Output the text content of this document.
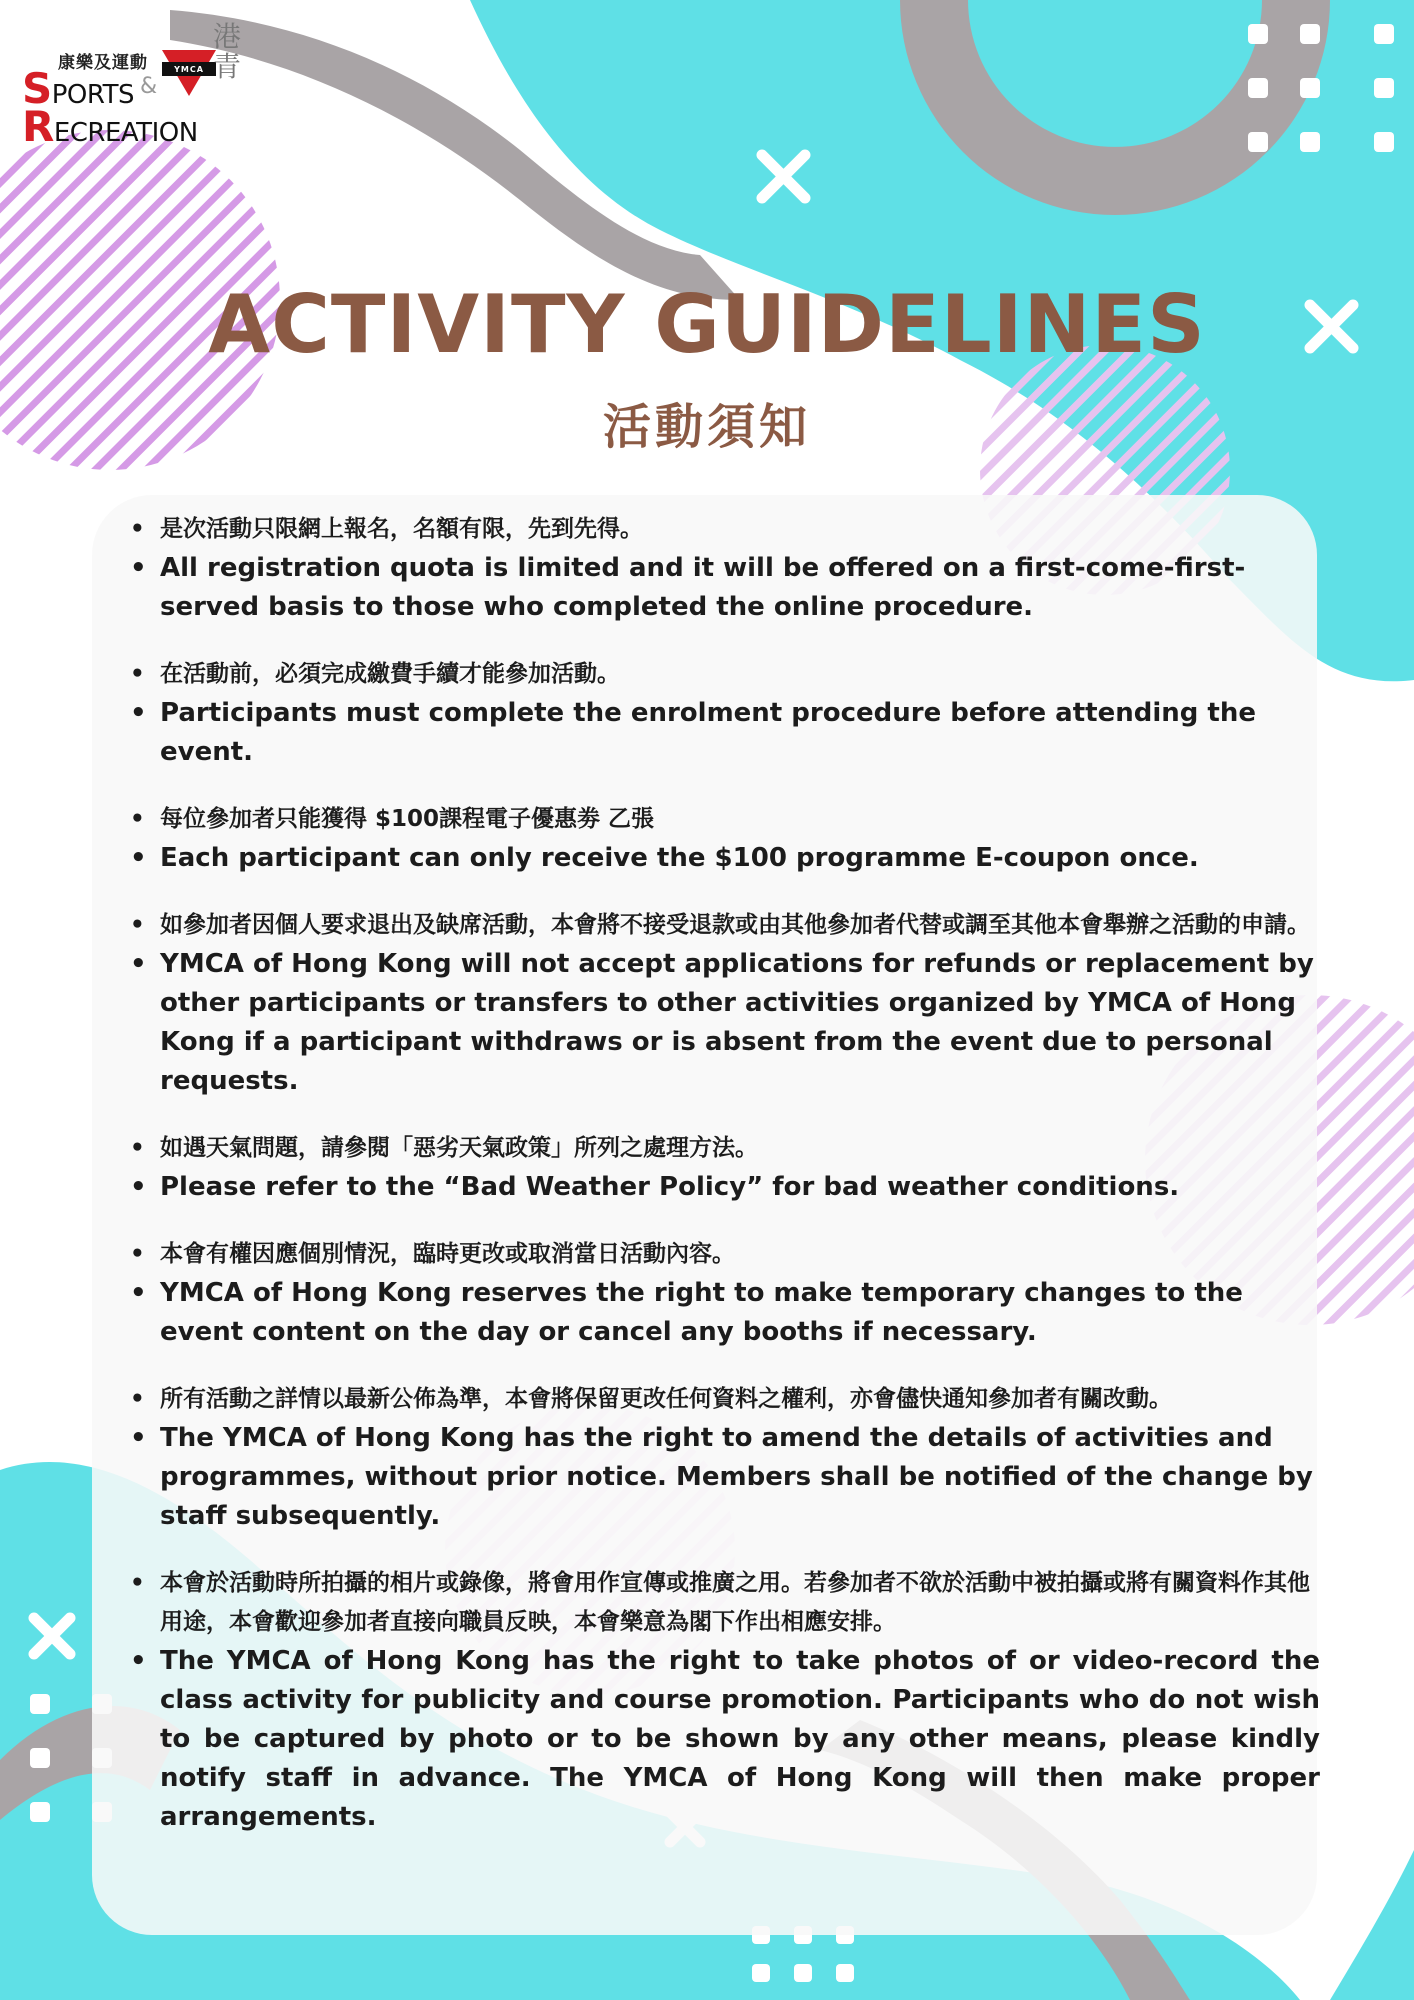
康樂及運動
SPORTS &
RECREATION
YMCA
港青
ACTIVITY GUIDELINES
活動須知
• 是次活動只限網上報名，名額有限，先到先得。
• All registration quota is limited and it will be offered on a first-come-first-served basis to those who completed the online procedure.
• 在活動前，必須完成繳費手續才能參加活動。
• Participants must complete the enrolment procedure before attending the event.
• 每位參加者只能獲得 $100課程電子優惠劵 乙張
• Each participant can only receive the $100 programme E-coupon once.
• 如參加者因個人要求退出及缺席活動，本會將不接受退款或由其他參加者代替或調至其他本會舉辦之活動的申請。
• YMCA of Hong Kong will not accept applications for refunds or replacement by other participants or transfers to other activities organized by YMCA of Hong Kong if a participant withdraws or is absent from the event due to personal requests.
• 如遇天氣問題，請參閱「惡劣天氣政策」所列之處理方法。
• Please refer to the “Bad Weather Policy” for bad weather conditions.
• 本會有權因應個別情況，臨時更改或取消當日活動內容。
• YMCA of Hong Kong reserves the right to make temporary changes to the event content on the day or cancel any booths if necessary.
• 所有活動之詳情以最新公佈為準，本會將保留更改任何資料之權利，亦會儘快通知參加者有關改動。
• The YMCA of Hong Kong has the right to amend the details of activities and programmes, without prior notice. Members shall be notified of the change by staff subsequently.
• 本會於活動時所拍攝的相片或錄像，將會用作宣傳或推廣之用。若參加者不欲於活動中被拍攝或將有關資料作其他用途，本會歡迎參加者直接向職員反映，本會樂意為閣下作出相應安排。
• The YMCA of Hong Kong has the right to take photos of or video-record the class activity for publicity and course promotion. Participants who do not wish to be captured by photo or to be shown by any other means, please kindly notify staff in advance. The YMCA of Hong Kong will then make proper arrangements.
